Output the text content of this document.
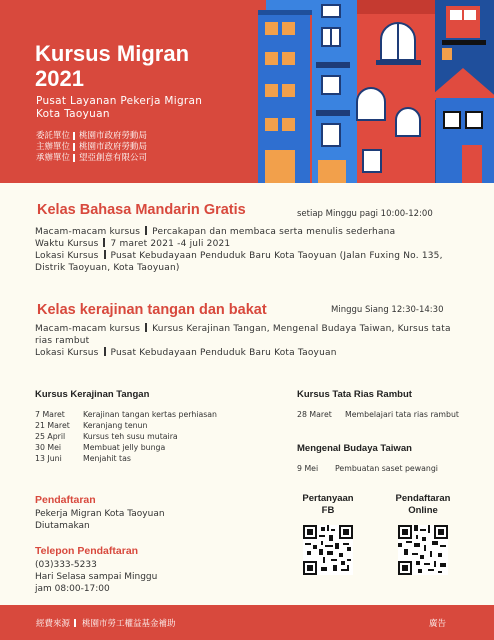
Kursus Migran
2021
Pusat Layanan Pekerja Migran
Kota Taoyuan
委託單位 桃園市政府勞動局
主辦單位 桃園市政府勞動局
承辦單位 望亞創意有限公司
Kelas Bahasa Mandarin Gratis	setiap Minggu pagi 10:00-12:00
Macam-macam kursus Percakapan dan membaca serta menulis sederhana
Waktu Kursus 7 maret 2021 -4 juli 2021
Lokasi Kursus Pusat Kebudayaan Penduduk Baru Kota Taoyuan (Jalan Fuxing No. 135, Distrik Taoyuan, Kota Taoyuan)
Kelas kerajinan tangan dan bakat	Minggu Siang 12:30-14:30
Macam-macam kursus Kursus Kerajinan Tangan, Mengenal Budaya Taiwan, Kursus tata rias rambut
Lokasi Kursus Pusat Kebudayaan Penduduk Baru Kota Taoyuan
Kursus Kerajinan Tangan
7 Maret	Kerajinan tangan kertas perhiasan
21 Maret	Keranjang tenun
25 April	Kursus teh susu mutaira
30 Mei	Membuat jelly bunga
13 Juni	Menjahit tas
Kursus Tata Rias Rambut
28 Maret Membelajari tata rias rambut
Mengenal Budaya Taiwan
9 Mei	Pembuatan saset pewangi
Pendaftaran
Pekerja Migran Kota Taoyuan
Diutamakan
Telepon Pendaftaran
(03)333-5233
Hari Selasa sampai Minggu
jam 08:00-17:00
Pertanyaan
FB
Pendaftaran
Online
經費來源 桃園市勞工權益基金補助	廣告
